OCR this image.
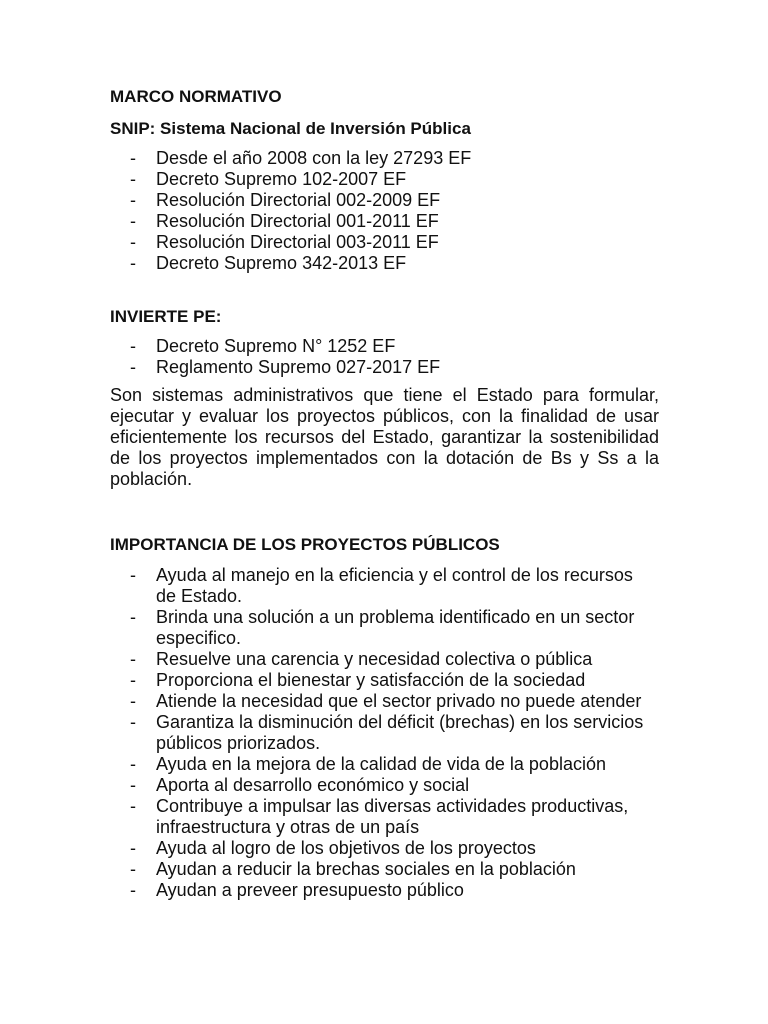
MARCO NORMATIVO
SNIP: Sistema Nacional de Inversión Pública
- Desde el año 2008 con la ley 27293 EF
- Decreto Supremo 102-2007 EF
- Resolución Directorial 002-2009 EF
- Resolución Directorial 001-2011 EF
- Resolución Directorial 003-2011 EF
- Decreto Supremo 342-2013 EF
INVIERTE PE:
- Decreto Supremo N° 1252 EF
- Reglamento Supremo 027-2017 EF

Son sistemas administrativos que tiene el Estado para formular, ejecutar y evaluar los proyectos públicos, con la finalidad de usar eficientemente los recursos del Estado, garantizar la sostenibilidad de los proyectos implementados con la dotación de Bs y Ss a la población.

IMPORTANCIA DE LOS PROYECTOS PÚBLICOS
- Ayuda al manejo en la eficiencia y el control de los recursos de Estado.
- Brinda una solución a un problema identificado en un sector especifico.
- Resuelve una carencia y necesidad colectiva o pública
- Proporciona el bienestar y satisfacción de la sociedad
- Atiende la necesidad que el sector privado no puede atender
- Garantiza la disminución del déficit (brechas) en los servicios públicos priorizados.
- Ayuda en la mejora de la calidad de vida de la población
- Aporta al desarrollo económico y social
- Contribuye a impulsar las diversas actividades productivas, infraestructura y otras de un país
- Ayuda al logro de los objetivos de los proyectos
- Ayudan a reducir la brechas sociales en la población
- Ayudan a preveer presupuesto público
